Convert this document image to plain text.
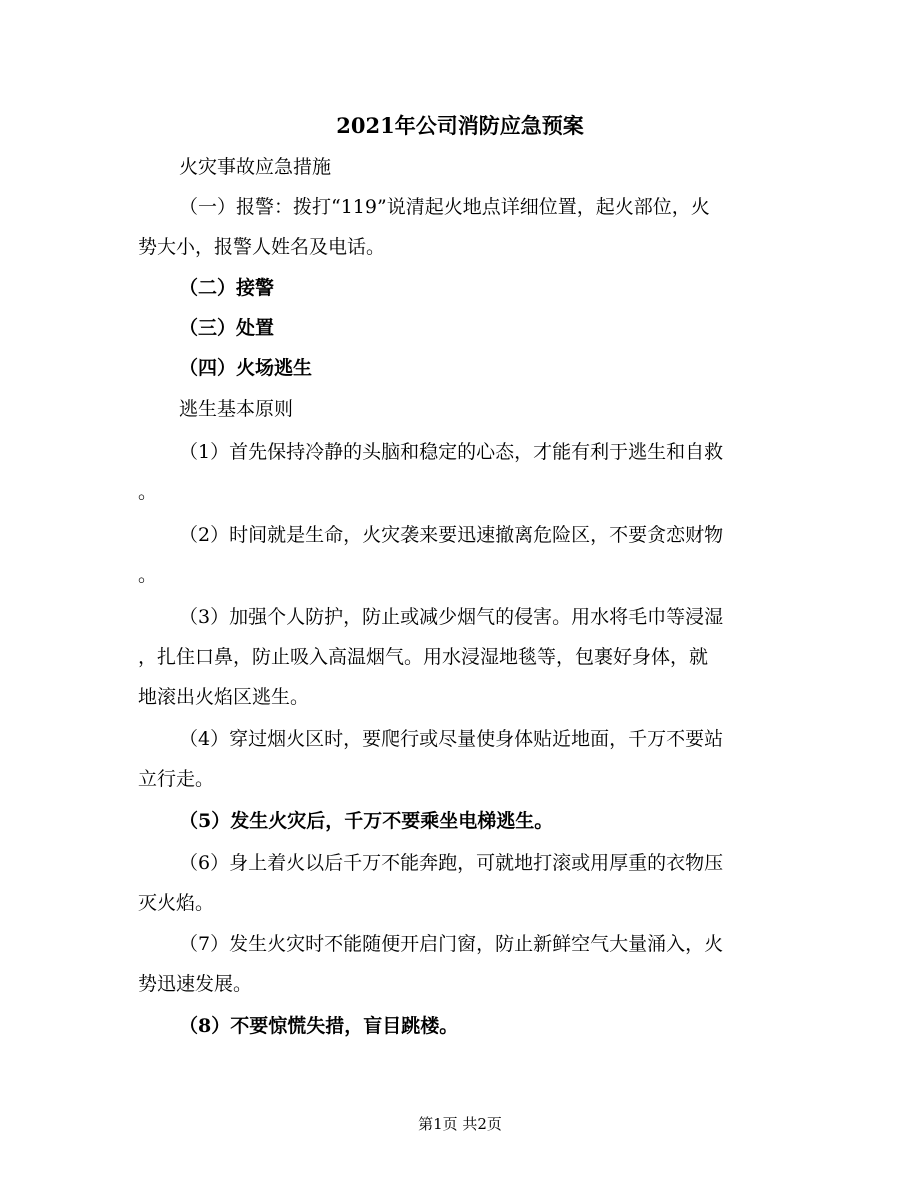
2021年公司消防应急预案
火灾事故应急措施
（一）报警：拨打“119”说清起火地点详细位置，起火部位，火
势大小，报警人姓名及电话。
（二）接警
（三）处置
（四）火场逃生
逃生基本原则
（1）首先保持冷静的头脑和稳定的心态，才能有利于逃生和自救
。
（2）时间就是生命，火灾袭来要迅速撤离危险区，不要贪恋财物
。
（3）加强个人防护，防止或减少烟气的侵害。用水将毛巾等浸湿
，扎住口鼻，防止吸入高温烟气。用水浸湿地毯等，包裹好身体，就
地滚出火焰区逃生。
（4）穿过烟火区时，要爬行或尽量使身体贴近地面，千万不要站
立行走。
（5）发生火灾后，千万不要乘坐电梯逃生。
（6）身上着火以后千万不能奔跑，可就地打滚或用厚重的衣物压
灭火焰。
（7）发生火灾时不能随便开启门窗，防止新鲜空气大量涌入，火
势迅速发展。
（8）不要惊慌失措，盲目跳楼。
第1页 共2页
